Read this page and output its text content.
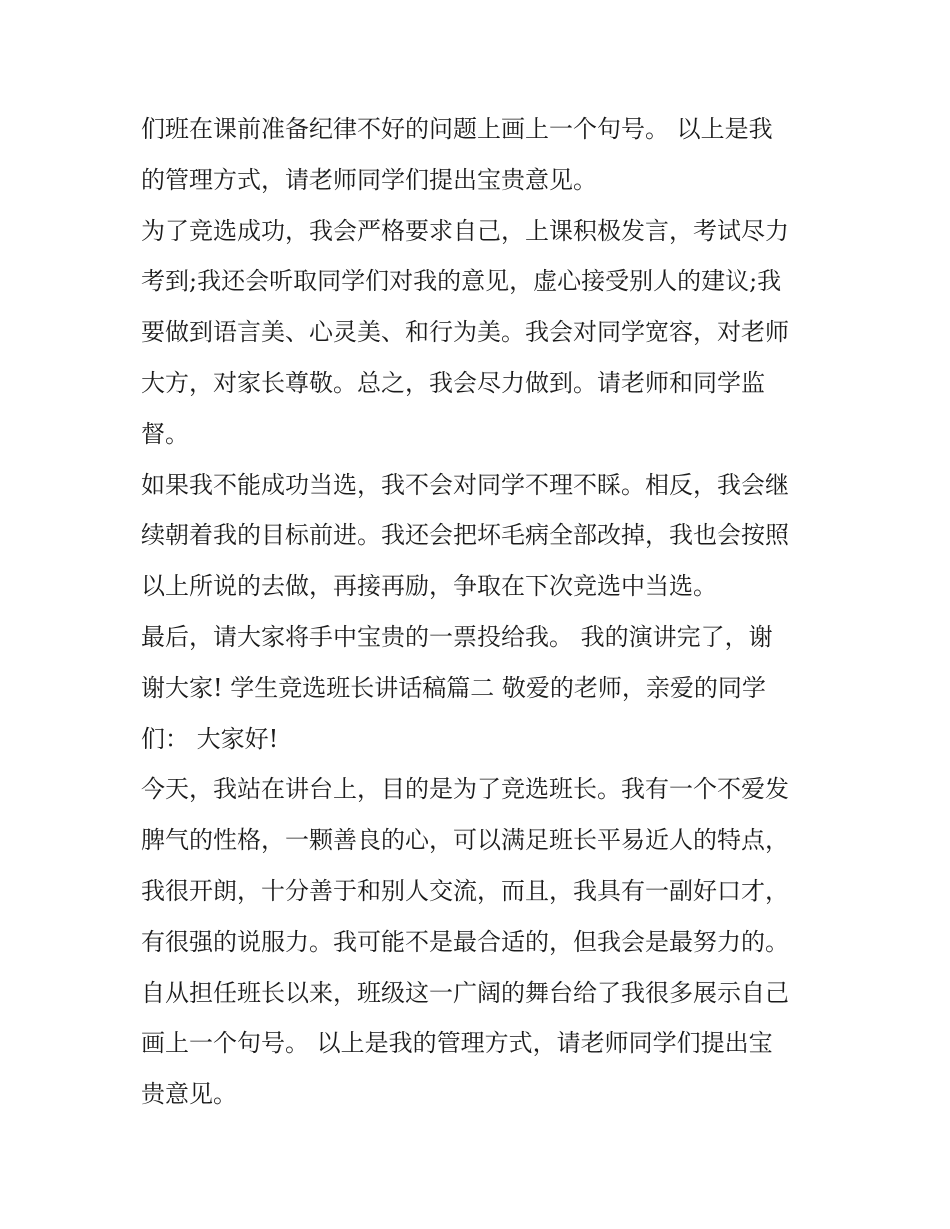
们班在课前准备纪律不好的问题上画上一个句号。 以上是我
的管理方式，请老师同学们提出宝贵意见。
为了竞选成功，我会严格要求自己，上课积极发言，考试尽力
考到;我还会听取同学们对我的意见，虚心接受别人的建议;我
要做到语言美、心灵美、和行为美。我会对同学宽容，对老师
大方，对家长尊敬。总之，我会尽力做到。请老师和同学监
督。
如果我不能成功当选，我不会对同学不理不睬。相反，我会继
续朝着我的目标前进。我还会把坏毛病全部改掉，我也会按照
以上所说的去做，再接再励，争取在下次竞选中当选。
最后，请大家将手中宝贵的一票投给我。 我的演讲完了，谢
谢大家! 学生竞选班长讲话稿篇二 敬爱的老师，亲爱的同学
们： 大家好!
今天，我站在讲台上，目的是为了竞选班长。我有一个不爱发
脾气的性格，一颗善良的心，可以满足班长平易近人的特点，
我很开朗，十分善于和别人交流，而且，我具有一副好口才，
有很强的说服力。我可能不是最合适的，但我会是最努力的。
自从担任班长以来，班级这一广阔的舞台给了我很多展示自己
画上一个句号。 以上是我的管理方式，请老师同学们提出宝
贵意见。
